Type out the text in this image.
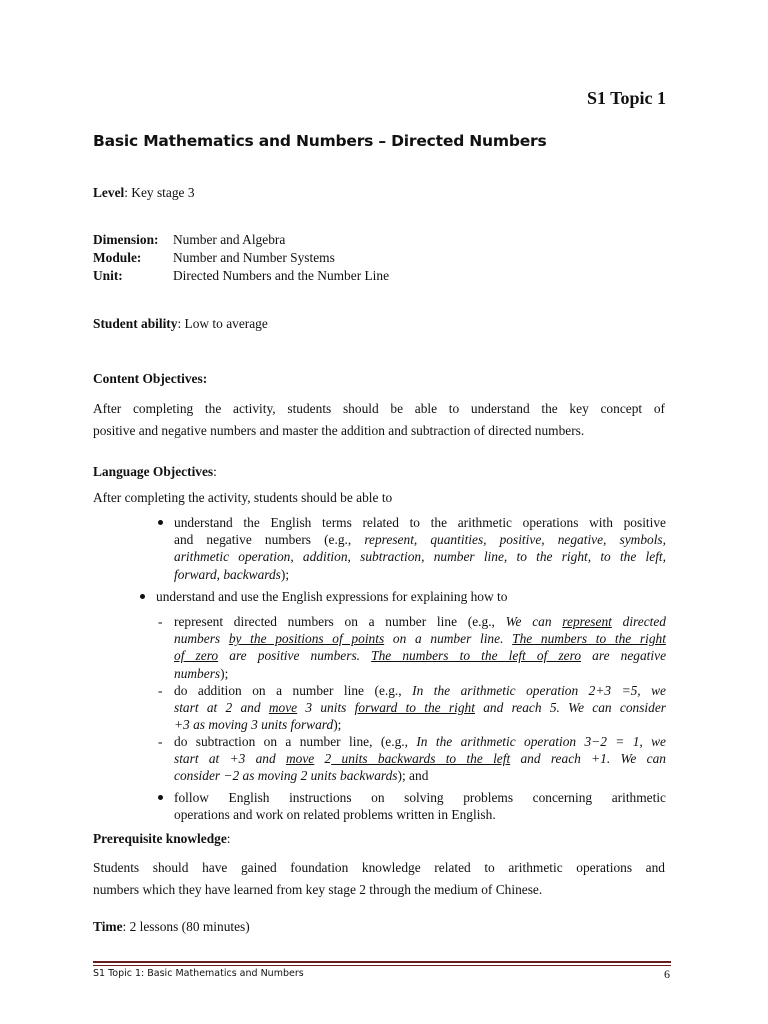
S1 Topic 1
Basic Mathematics and Numbers – Directed Numbers
Level: Key stage 3
Dimension:	Number and Algebra
Module:	Number and Number Systems
Unit:	Directed Numbers and the Number Line
Student ability: Low to average
Content Objectives:
After completing the activity, students should be able to understand the key concept of
positive and negative numbers and master the addition and subtraction of directed numbers.
Language Objectives:
After completing the activity, students should be able to
understand the English terms related to the arithmetic operations with positive
and negative numbers (e.g., represent, quantities, positive, negative, symbols,
arithmetic operation, addition, subtraction, number line, to the right, to the left,
forward, backwards);
understand and use the English expressions for explaining how to
- represent directed numbers on a number line (e.g., We can represent directed
numbers by the positions of points on a number line. The numbers to the right
of zero are positive numbers. The numbers to the left of zero are negative
numbers);
- do addition on a number line (e.g., In the arithmetic operation 2+3 =5, we
start at 2 and move 3 units forward to the right and reach 5. We can consider
+3 as moving 3 units forward);
- do subtraction on a number line, (e.g., In the arithmetic operation 3−2 = 1, we
start at +3 and move 2 units backwards to the left and reach +1. We can
consider −2 as moving 2 units backwards); and
follow English instructions on solving problems concerning arithmetic
operations and work on related problems written in English.
Prerequisite knowledge:
Students should have gained foundation knowledge related to arithmetic operations and
numbers which they have learned from key stage 2 through the medium of Chinese.
Time: 2 lessons (80 minutes)
S1 Topic 1: Basic Mathematics and Numbers	6
